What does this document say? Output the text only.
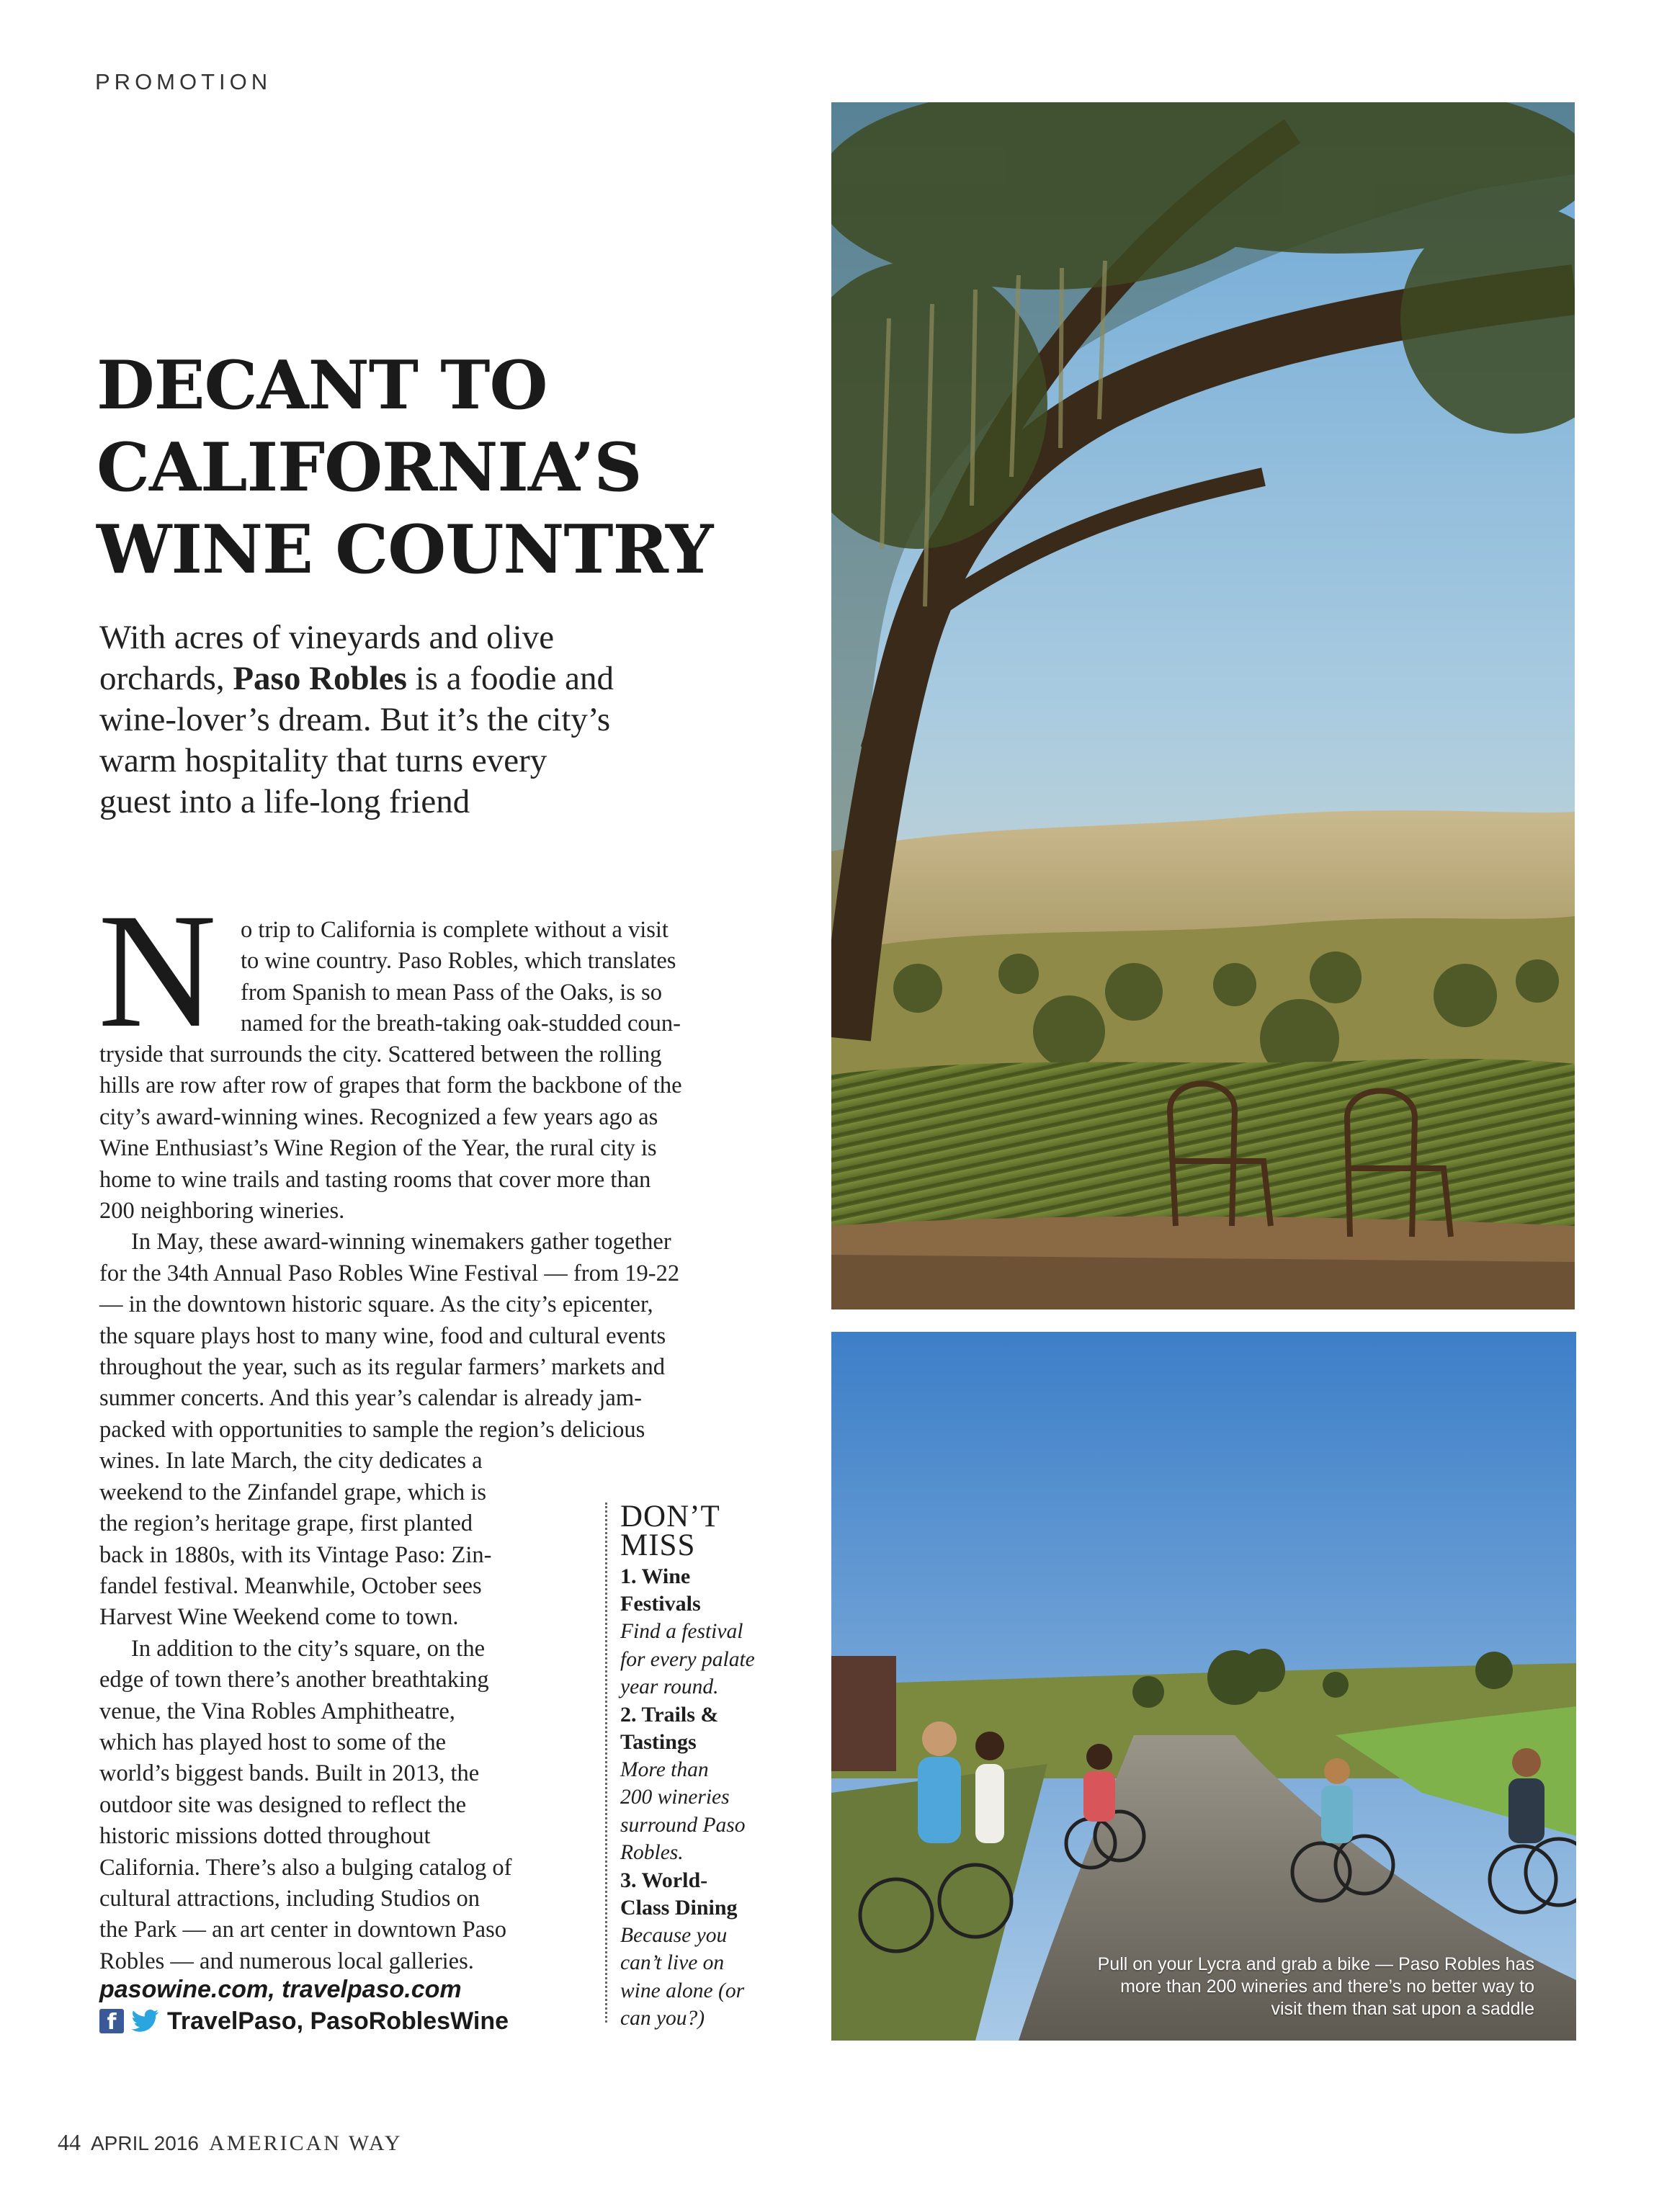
PROMOTION
DECANT TO
CALIFORNIA’S
WINE COUNTRY

With acres of vineyards and olive

orchards, Paso Robles is a foodie and

wine-lover’s dream. But it’s the city’s

warm hospitality that turns every

guest into a life-long friend

N o trip to California is complete without a visit

to wine country. Paso Robles, which translates

from Spanish to mean Pass of the Oaks, is so

named for the breath-taking oak-studded coun-

tryside that surrounds the city. Scattered between the rolling

hills are row after row of grapes that form the backbone of the

city’s award-winning wines. Recognized a few years ago as

Wine Enthusiast’s Wine Region of the Year, the rural city is

home to wine trails and tasting rooms that cover more than

200 neighboring wineries.

In May, these award-winning winemakers gather together

for the 34th Annual Paso Robles Wine Festival — from 19-22

— in the downtown historic square. As the city’s epicenter,

the square plays host to many wine, food and cultural events

throughout the year, such as its regular farmers’ markets and

summer concerts. And this year’s calendar is already jam-

packed with opportunities to sample the region’s delicious

wines. In late March, the city dedicates a

weekend to the Zinfandel grape, which is

the region’s heritage grape, first planted

back in 1880s, with its Vintage Paso: Zin-

fandel festival. Meanwhile, October sees

Harvest Wine Weekend come to town.

In addition to the city’s square, on the

edge of town there’s another breathtaking

venue, the Vina Robles Amphitheatre,

which has played host to some of the

world’s biggest bands. Built in 2013, the

outdoor site was designed to reflect the

historic missions dotted throughout

California. There’s also a bulging catalog of

cultural attractions, including Studios on

the Park — an art center in downtown Paso

Robles — and numerous local galleries.

pasowine.com, travelpaso.com
f	TravelPaso, PasoRoblesWine
DON’T
MISS

1. Wine

Festivals

Find a festival

for every palate

year round.

2. Trails &

Tastings

More than

200 wineries

surround Paso

Robles.

3. World-

Class Dining

Because you

can’t live on

wine alone (or

can you?)

Pull on your Lycra and grab a bike — Paso Robles has
more than 200 wineries and there’s no better way to
visit them than sat upon a saddle
44 APRIL 2016 AMERICAN WAY
